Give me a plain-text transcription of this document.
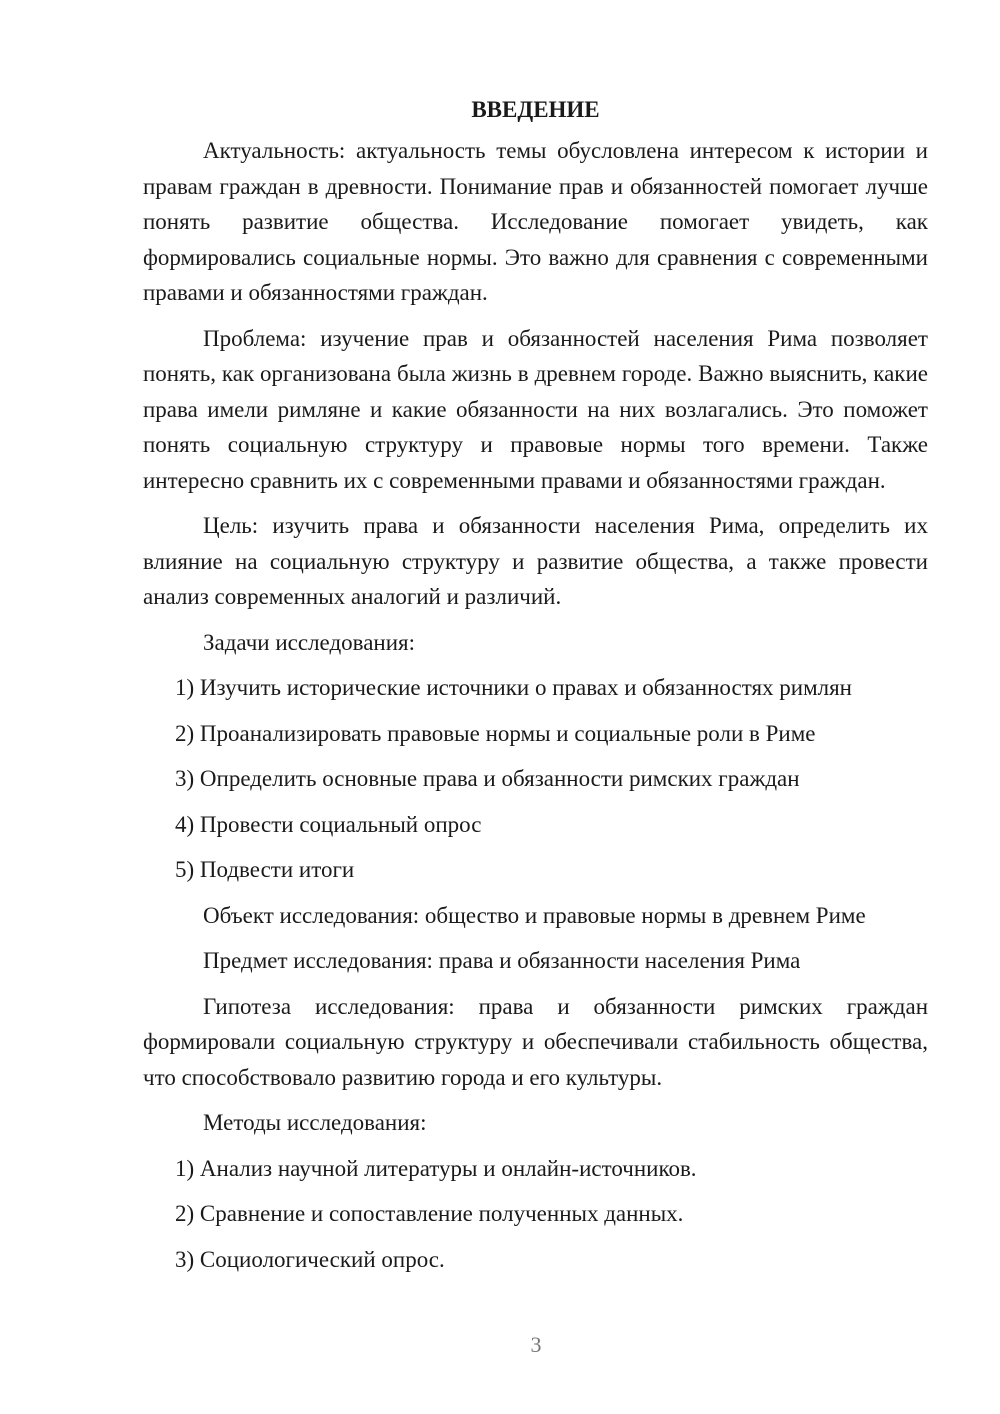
ВВЕДЕНИЕ

Актуальность: актуальность темы обусловлена интересом к истории и правам граждан в древности. Понимание прав и обязанностей помогает лучше понять развитие общества. Исследование помогает увидеть, как формировались социальные нормы. Это важно для сравнения с современными правами и обязанностями граждан.

Проблема: изучение прав и обязанностей населения Рима позволяет понять, как организована была жизнь в древнем городе. Важно выяснить, какие права имели римляне и какие обязанности на них возлагались. Это поможет понять социальную структуру и правовые нормы того времени. Также интересно сравнить их с современными правами и обязанностями граждан.

Цель: изучить права и обязанности населения Рима, определить их влияние на социальную структуру и развитие общества, а также провести анализ современных аналогий и различий.

Задачи исследования:

1) Изучить исторические источники о правах и обязанностях римлян

2) Проанализировать правовые нормы и социальные роли в Риме

3) Определить основные права и обязанности римских граждан

4) Провести социальный опрос

5) Подвести итоги

Объект исследования: общество и правовые нормы в древнем Риме

Предмет исследования: права и обязанности населения Рима

Гипотеза исследования: права и обязанности римских граждан формировали социальную структуру и обеспечивали стабильность общества, что способствовало развитию города и его культуры.

Методы исследования:

1) Анализ научной литературы и онлайн-источников.

2) Сравнение и сопоставление полученных данных.

3) Социологический опрос.

3
